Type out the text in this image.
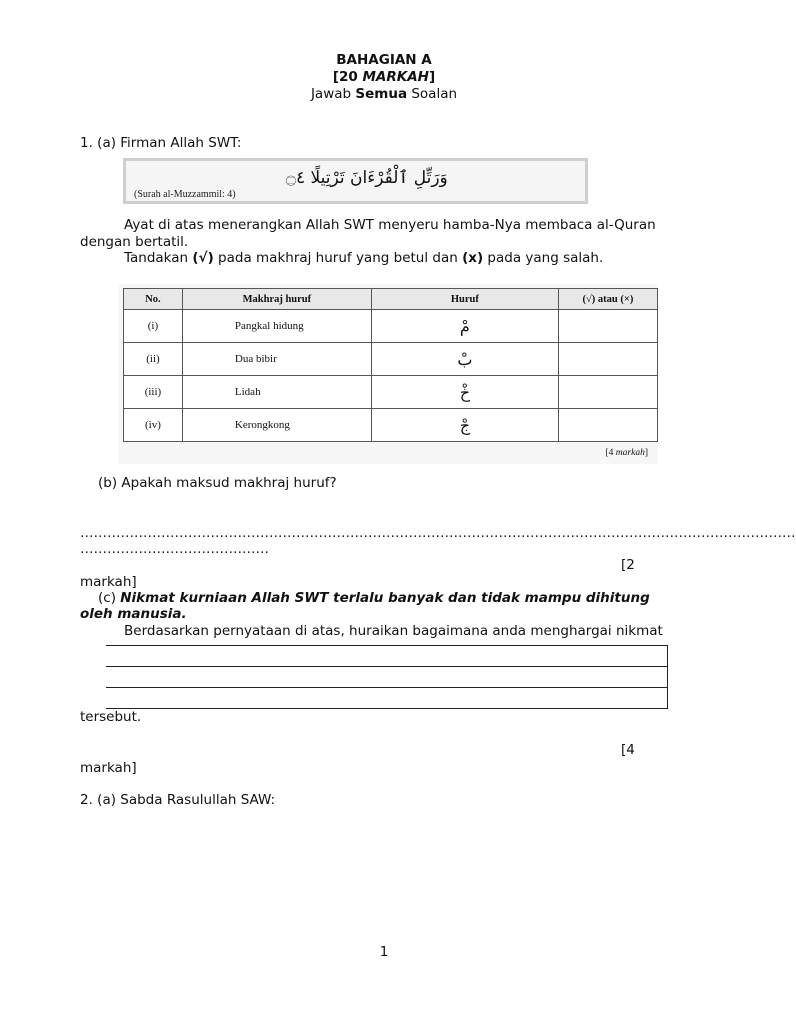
BAHAGIAN A
[20 MARKAH]
Jawab Semua Soalan
1. (a) Firman Allah SWT:
وَرَتِّلِ ٱلْقُرْءَانَ تَرْتِيلًا ۝٤
(Surah al-Muzzammil: 4)
Ayat di atas menerangkan Allah SWT menyeru hamba-Nya membaca al-Quran
dengan bertatil.
Tandakan (√) pada makhraj huruf yang betul dan (x) pada yang salah.
No.	Makhraj huruf	Huruf	(√) atau (×)
(i)	Pangkal hidung	مْ	
(ii)	Dua bibir	بْ	
(iii)	Lidah	خْ	
(iv)	Kerongkong	جْ	
[4 markah]
(b) Apakah maksud makhraj huruf?
……………………………………………………………………………………………………………………………………………
……………………………………
[2
markah]
(c) Nikmat kurniaan Allah SWT terlalu banyak dan tidak mampu dihitung
oleh manusia.
Berdasarkan pernyataan di atas, huraikan bagaimana anda menghargai nikmat
tersebut.
[4
markah]
2. (a) Sabda Rasulullah SAW:
1
